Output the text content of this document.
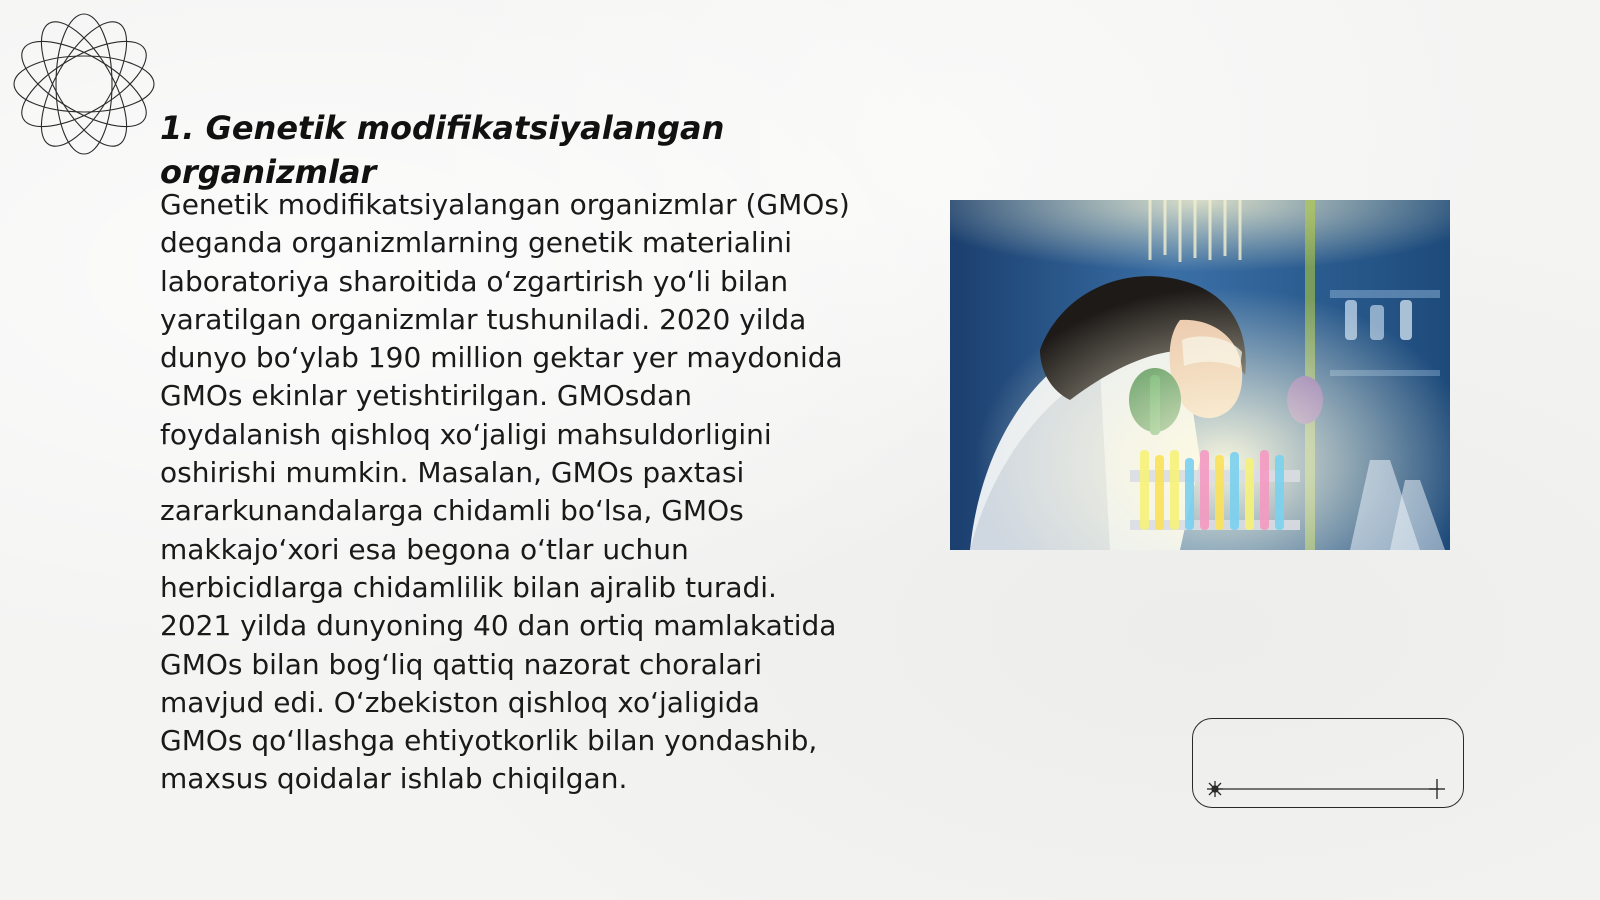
1. Genetik modifikatsiyalangan organizmlar

Genetik modifikatsiyalangan organizmlar (GMOs) deganda organizmlarning genetik materialini laboratoriya sharoitida o‘zgartirish yo‘li bilan yaratilgan organizmlar tushuniladi. 2020 yilda dunyo bo‘ylab 190 million gektar yer maydonida GMOs ekinlar yetishtirilgan. GMOsdan foydalanish qishloq xo‘jaligi mahsuldorligini oshirishi mumkin. Masalan, GMOs paxtasi zararkunandalarga chidamli bo‘lsa, GMOs makkajo‘xori esa begona o‘tlar uchun herbicidlarga chidamlilik bilan ajralib turadi. 2021 yilda dunyoning 40 dan ortiq mamlakatida GMOs bilan bog‘liq qattiq nazorat choralari mavjud edi. O‘zbekiston qishloq xo‘jaligida GMOs qo‘llashga ehtiyotkorlik bilan yondashib, maxsus qoidalar ishlab chiqilgan.
